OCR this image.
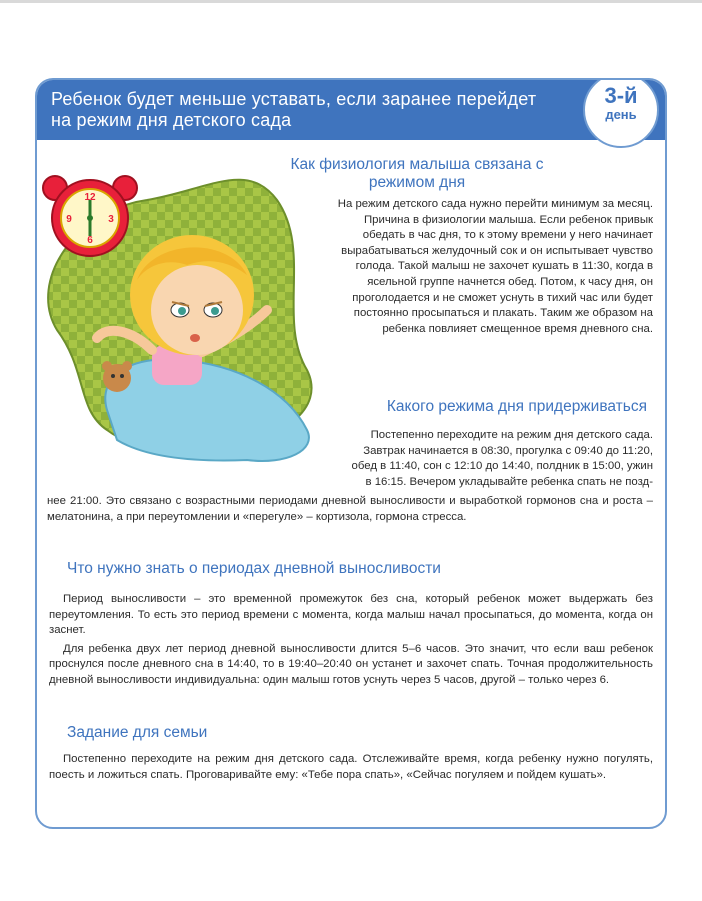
Ребенок будет меньше уставать, если заранее перейдет на режим дня детского сада
3-й
день
12
3
6
9
Как физиология малыша связана с режимом дня

На режим детского сада нужно перейти минимум за месяц. Причина в физиологии малыша. Если ребенок привык обедать в час дня, то к этому времени у него начинает вырабатываться желудочный сок и он испытывает чувство голода. Такой малыш не захочет кушать в 11:30, когда в ясельной группе начнется обед. Потом, к часу дня, он проголодается и не сможет уснуть в тихий час или будет постоянно просыпаться и плакать. Таким же образом на ребенка повлияет смещенное время дневного сна.

Какого режима дня придерживаться

Постепенно переходите на режим дня детского сада. Завтрак начинается в 08:30, прогулка с 09:40 до 11:20, обед в 11:40, сон с 12:10 до 14:40, полдник в 15:00, ужин в 16:15. Вечером укладывайте ребенка спать не позд-

нее 21:00. Это связано с возрастными периодами дневной выносливости и выработкой гормонов сна и роста – мелатонина, а при переутомлении и «перегуле» – кортизола, гормона стресса.

Что нужно знать о периодах дневной выносливости

Период выносливости – это временной промежуток без сна, который ребенок может выдержать без переутомления. То есть это период времени с момента, когда малыш начал просыпаться, до момента, когда он заснет.

Для ребенка двух лет период дневной выносливости длится 5–6 часов. Это значит, что если ваш ребенок проснулся после дневного сна в 14:40, то в 19:40–20:40 он устанет и захочет спать. Точная продолжительность дневной выносливости индивидуальна: один малыш готов уснуть через 5 часов, другой – только через 6.

Задание для семьи

Постепенно переходите на режим дня детского сада. Отслеживайте время, когда ребенку нужно погулять, поесть и ложиться спать. Проговаривайте ему: «Тебе пора спать», «Сейчас погуляем и пойдем кушать».
